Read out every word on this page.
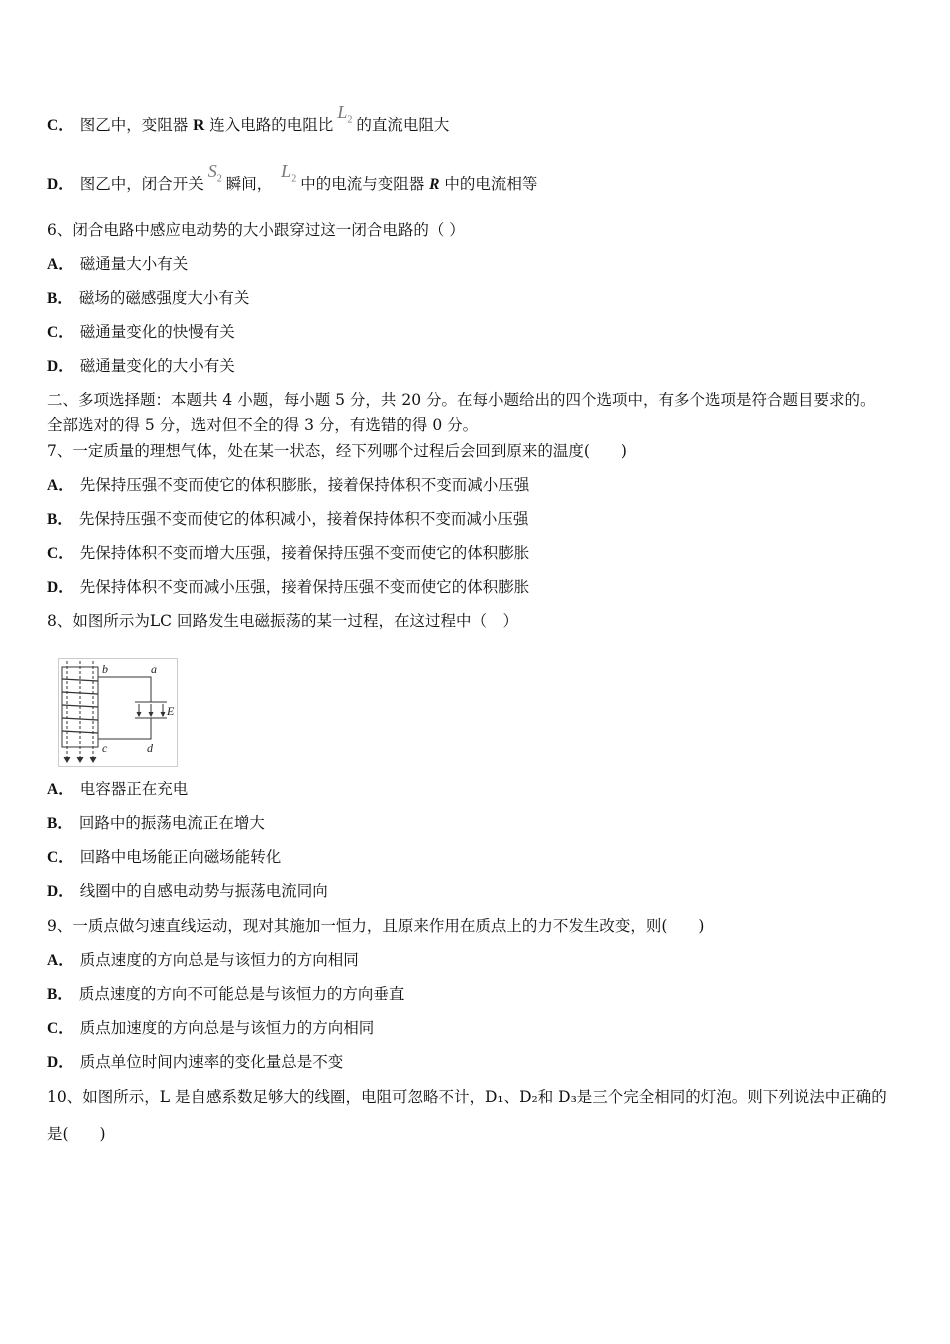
C． 图乙中，变阻器 R 连入电路的电阻比$L_2$ 的直流电阻大
D． 图乙中，闭合开关$S_2$ 瞬间， $L_2$ 中的电流与变阻器 R 中的电流相等
6、闭合电路中感应电动势的大小跟穿过这一闭合电路的（ ）
A． 磁通量大小有关
B． 磁场的磁感强度大小有关
C． 磁通量变化的快慢有关
D． 磁通量变化的大小有关
二、多项选择题：本题共 4 小题，每小题 5 分，共 20 分。在每小题给出的四个选项中，有多个选项是符合题目要求的。
全部选对的得 5 分，选对但不全的得 3 分，有选错的得 0 分。
7、一定质量的理想气体，处在某一状态，经下列哪个过程后会回到原来的温度(　　)
A． 先保持压强不变而使它的体积膨胀，接着保持体积不变而减小压强
B． 先保持压强不变而使它的体积减小，接着保持体积不变而减小压强
C． 先保持体积不变而增大压强，接着保持压强不变而使它的体积膨胀
D． 先保持体积不变而减小压强，接着保持压强不变而使它的体积膨胀
8、如图所示为LC 回路发生电磁振荡的某一过程，在这过程中（　）
b	a
c	d
E
A． 电容器正在充电
B． 回路中的振荡电流正在增大
C． 回路中电场能正向磁场能转化
D． 线圈中的自感电动势与振荡电流同向
9、一质点做匀速直线运动，现对其施加一恒力，且原来作用在质点上的力不发生改变，则(　　)
A． 质点速度的方向总是与该恒力的方向相同
B． 质点速度的方向不可能总是与该恒力的方向垂直
C． 质点加速度的方向总是与该恒力的方向相同
D． 质点单位时间内速率的变化量总是不变
10、如图所示，L 是自感系数足够大的线圈，电阻可忽略不计，D₁、D₂和 D₃是三个完全相同的灯泡。则下列说法中正确的
是(　　)
